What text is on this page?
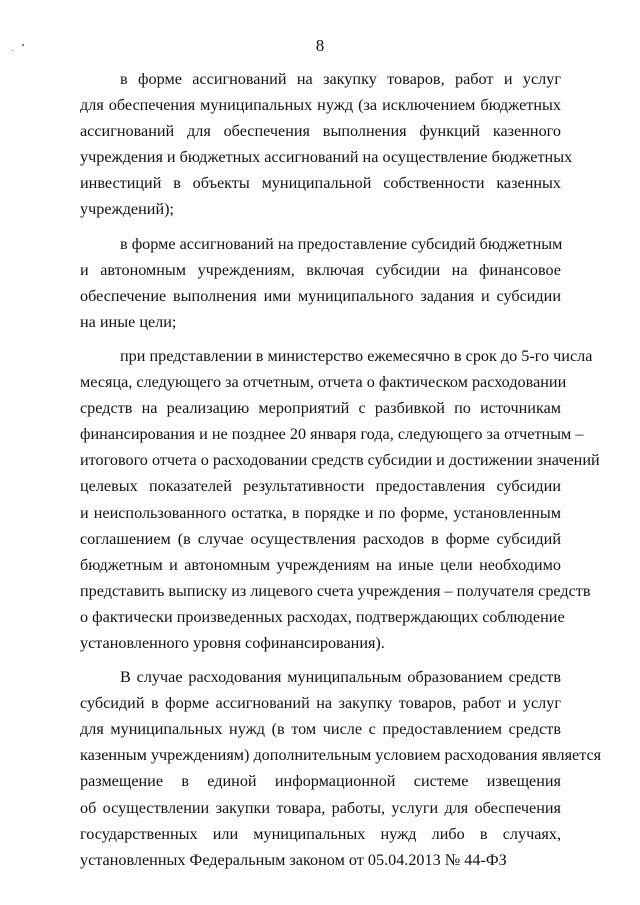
8

в форме ассигнований на закупку товаров, работ и услуг
для обеспечения муниципальных нужд (за исключением бюджетных
ассигнований для обеспечения выполнения функций казенного
учреждения и бюджетных ассигнований на осуществление бюджетных
инвестиций в объекты муниципальной собственности казенных
учреждений);

в форме ассигнований на предоставление субсидий бюджетным
и автономным учреждениям, включая субсидии на финансовое
обеспечение выполнения ими муниципального задания и субсидии
на иные цели;

при представлении в министерство ежемесячно в срок до 5-го числа
месяца, следующего за отчетным, отчета о фактическом расходовании
средств на реализацию мероприятий с разбивкой по источникам
финансирования и не позднее 20 января года, следующего за отчетным –
итогового отчета о расходовании средств субсидии и достижении значений
целевых показателей результативности предоставления субсидии
и неиспользованного остатка, в порядке и по форме, установленным
соглашением (в случае осуществления расходов в форме субсидий
бюджетным и автономным учреждениям на иные цели необходимо
представить выписку из лицевого счета учреждения – получателя средств
о фактически произведенных расходах, подтверждающих соблюдение
установленного уровня софинансирования).

В случае расходования муниципальным образованием средств
субсидий в форме ассигнований на закупку товаров, работ и услуг
для муниципальных нужд (в том числе с предоставлением средств
казенным учреждениям) дополнительным условием расходования является
размещение в единой информационной системе извещения
об осуществлении закупки товара, работы, услуги для обеспечения
государственных или муниципальных нужд либо в случаях,
установленных Федеральным законом от 05.04.2013 № 44-ФЗ
